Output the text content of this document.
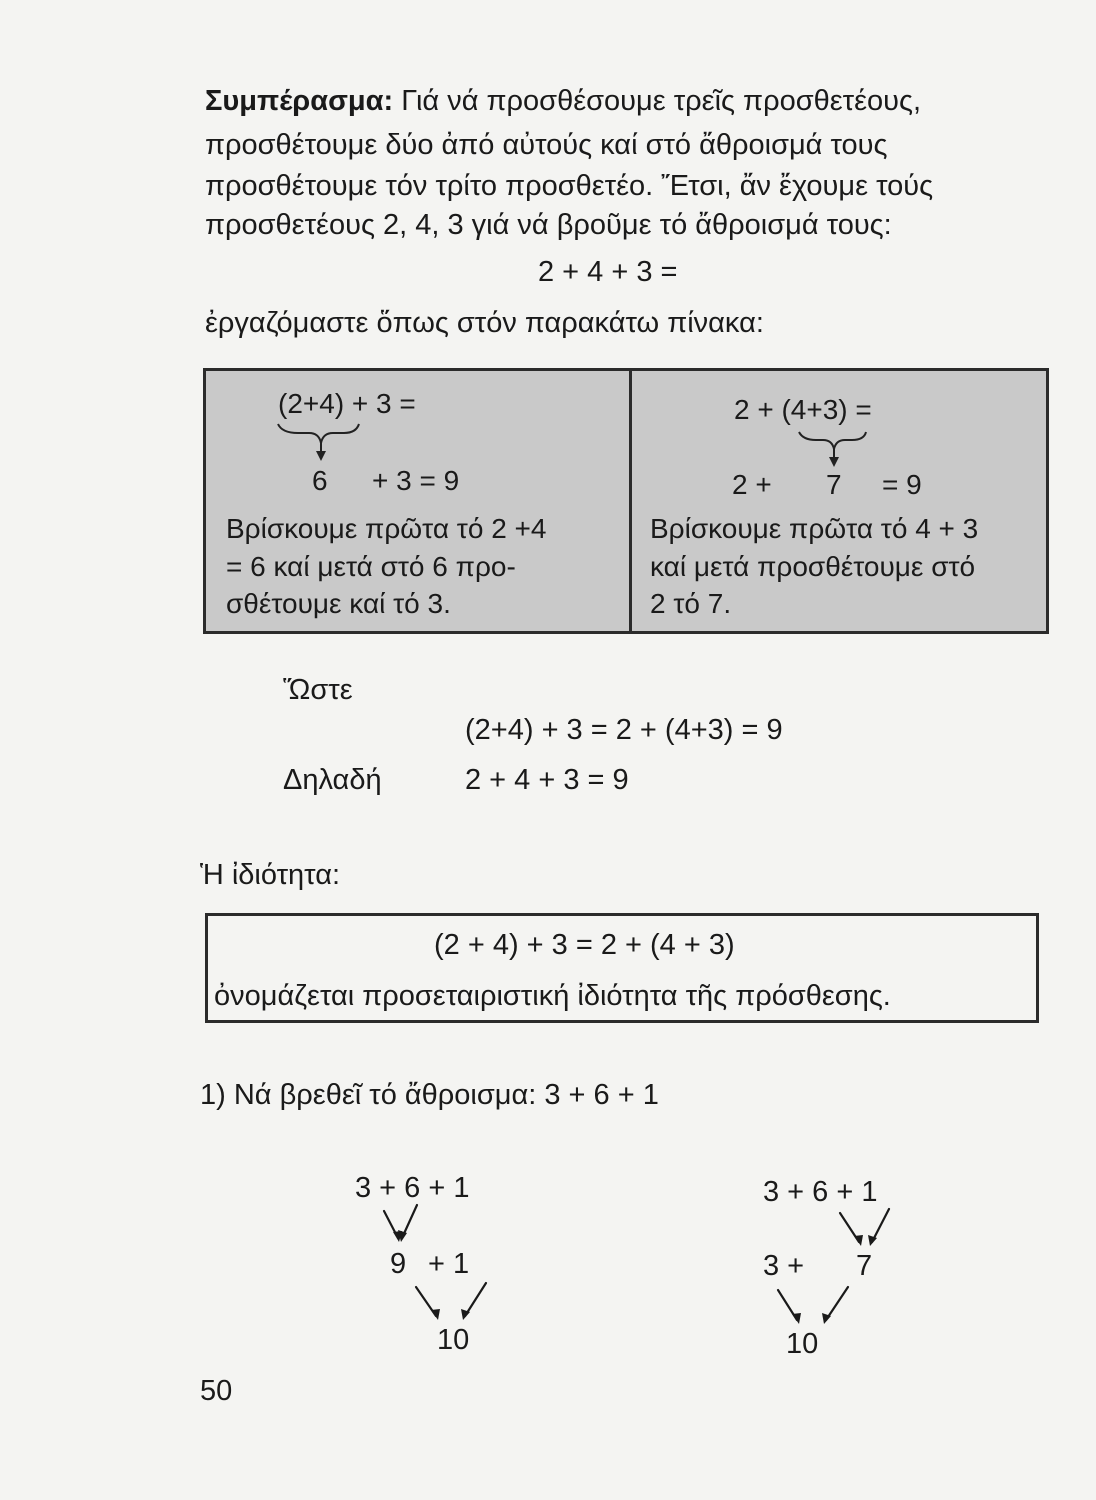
Συμπέρασμα: Γιά νά προσθέσουμε τρεῖς προσθετέους,
προσθέτουμε δύο ἀπό αὐτούς καί στό ἄθροισμά τους
προσθέτουμε τόν τρίτο προσθετέο. Ἔτσι, ἄν ἔχουμε τούς
προσθετέους 2, 4, 3 γιά νά βροῦμε τό ἄθροισμά τους:
2 + 4 + 3 =
ἐργαζόμαστε ὅπως στόν παρακάτω πίνακα:
(2+4) + 3 =
6 + 3 = 9
Βρίσκουμε πρῶτα τό 2 +4
= 6 καί μετά στό 6 προ-
σθέτουμε καί τό 3.
2 + (4+3) =
2 + 7 = 9
Βρίσκουμε πρῶτα τό 4 + 3
καί μετά προσθέτουμε στό
2 τό 7.
Ὥστε
(2+4) + 3 = 2 + (4+3) = 9
Δηλαδή	2 + 4 + 3 = 9
Ἡ ἰδιότητα:
(2 + 4) + 3 = 2 + (4 + 3)
ὀνομάζεται προσεταιριστική ἰδιότητα τῆς πρόσθεσης.
1) Νά βρεθεῖ τό ἄθροισμα: 3 + 6 + 1
3 + 6 + 1
9 + 1
10
3 + 6 + 1
3 + 7
10
50
